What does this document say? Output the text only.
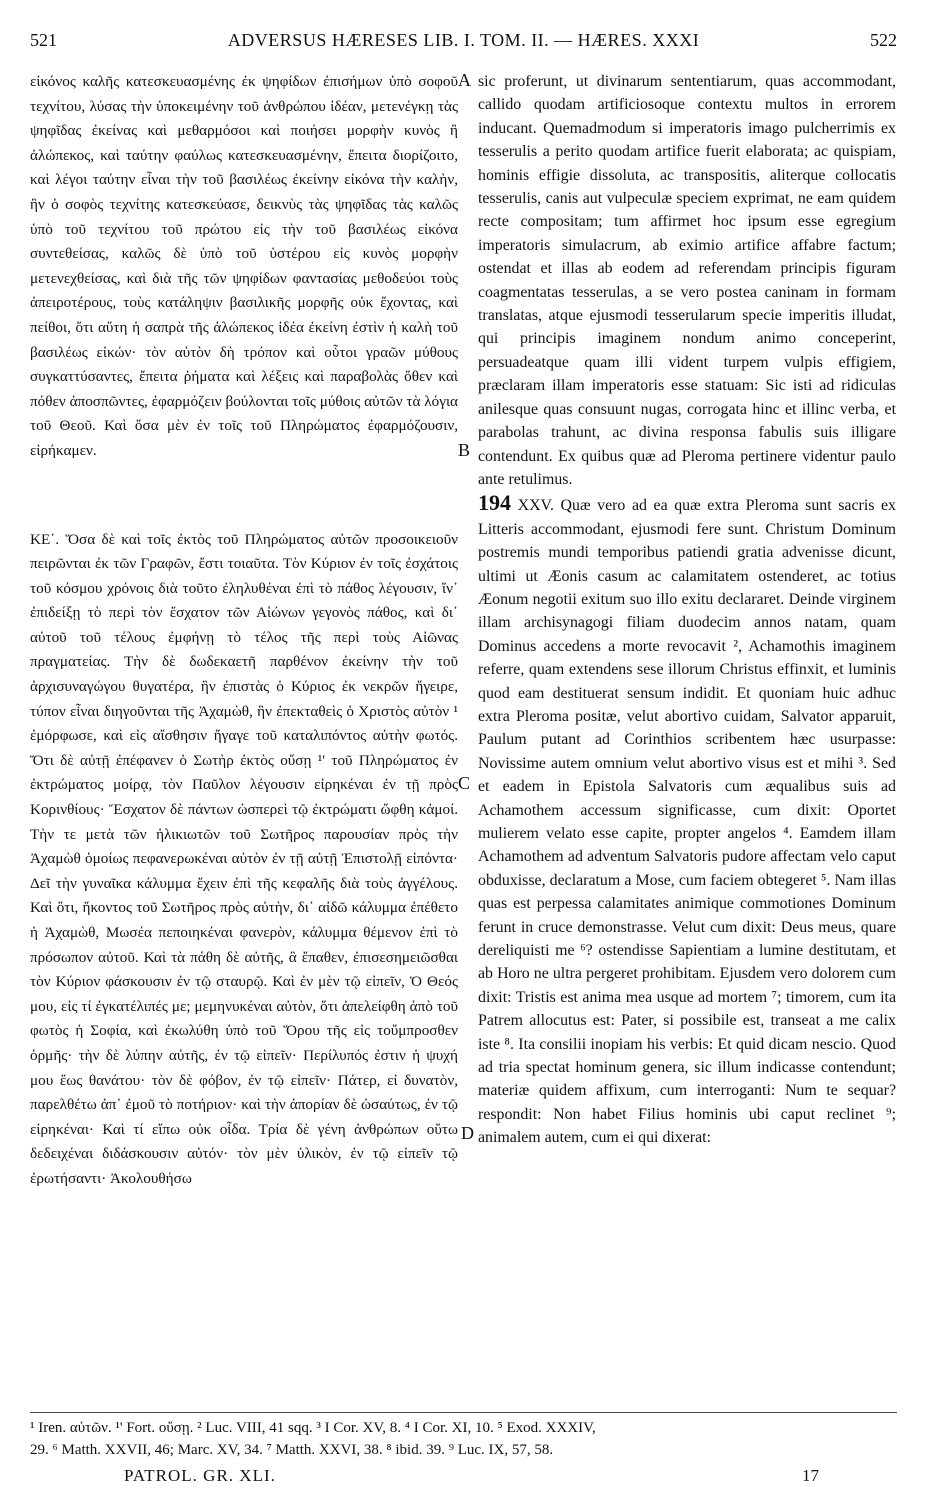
521	ADVERSUS HÆRESES LIB. I. TOM. II. — HÆRES. XXXI	522

εἰκόνος καλῆς κατεσκευασμένης ἐκ ψηφίδων ἐπισήμων ὑπὸ σοφοῦ τεχνίτου, λύσας τὴν ὑποκειμένην τοῦ ἀνθρώπου ἰδέαν, μετενέγκῃ τὰς ψηφῖδας ἐκείνας καὶ μεθαρμόσοι καὶ ποιήσει μορφὴν κυνὸς ἢ ἀλώπεκος, καὶ ταύτην φαύλως κατεσκευασμένην, ἔπειτα διορίζοιτο, καὶ λέγοι ταύτην εἶναι τὴν τοῦ βασιλέως ἐκείνην εἰκόνα τὴν καλὴν, ἣν ὁ σοφὸς τεχνίτης κατεσκεύασε, δεικνὺς τὰς ψηφῖδας τὰς καλῶς ὑπὸ τοῦ τεχνίτου τοῦ πρώτου εἰς τὴν τοῦ βασιλέως εἰκόνα συντεθείσας, καλῶς δὲ ὑπὸ τοῦ ὑστέρου εἰς κυνὸς μορφὴν μετενεχθείσας, καὶ διὰ τῆς τῶν ψηφίδων φαντασίας μεθοδεύοι τοὺς ἀπειροτέρους, τοὺς κατάληψιν βασιλικῆς μορφῆς οὐκ ἔχοντας, καὶ πείθοι, ὅτι αὕτη ἡ σαπρὰ τῆς ἀλώπεκος ἰδέα ἐκείνη ἐστὶν ἡ καλὴ τοῦ βασιλέως εἰκών· τὸν αὐτὸν δὴ τρόπον καὶ οὗτοι γραῶν μύθους συγκαττύσαντες, ἔπειτα ῥήματα καὶ λέξεις καὶ παραβολὰς ὅθεν καὶ πόθεν ἀποσπῶντες, ἐφαρμόζειν βούλονται τοῖς μύθοις αὐτῶν τὰ λόγια τοῦ Θεοῦ. Καὶ ὅσα μὲν ἐν τοῖς τοῦ Πληρώματος ἐφαρμόζουσιν, εἰρήκαμεν.

ΚΕ΄. Ὅσα δὲ καὶ τοῖς ἐκτὸς τοῦ Πληρώματος αὐτῶν προσοικειοῦν πειρῶνται ἐκ τῶν Γραφῶν, ἔστι τοιαῦτα. Τὸν Κύριον ἐν τοῖς ἐσχάτοις τοῦ κόσμου χρόνοις διὰ τοῦτο ἐληλυθέναι ἐπὶ τὸ πάθος λέγουσιν, ἵν᾽ ἐπιδείξῃ τὸ περὶ τὸν ἔσχατον τῶν Αἰώνων γεγονὸς πάθος, καὶ δι᾽ αὐτοῦ τοῦ τέλους ἐμφήνῃ τὸ τέλος τῆς περὶ τοὺς Αἰῶνας πραγματείας. Τὴν δὲ δωδεκαετῆ παρθένον ἐκείνην τὴν τοῦ ἀρχισυναγώγου θυγατέρα, ἣν ἐπιστὰς ὁ Κύριος ἐκ νεκρῶν ἤγειρε, τύπον εἶναι διηγοῦνται τῆς Ἀχαμὼθ, ἣν ἐπεκταθεὶς ὁ Χριστὸς αὐτὸν ¹ ἐμόρφωσε, καὶ εἰς αἴσθησιν ἤγαγε τοῦ καταλιπόντος αὐτὴν φωτός. Ὅτι δὲ αὐτῇ ἐπέφανεν ὁ Σωτὴρ ἐκτὸς οὔσῃ ¹' τοῦ Πληρώματος ἐν ἐκτρώματος μοίρᾳ, τὸν Παῦλον λέγουσιν εἰρηκέναι ἐν τῇ πρὸς Κορινθίους· Ἔσχατον δὲ πάντων ὡσπερεὶ τῷ ἐκτρώματι ὤφθη κἀμοί. Τὴν τε μετὰ τῶν ἡλικιωτῶν τοῦ Σωτῆρος παρουσίαν πρὸς τὴν Ἀχαμὼθ ὁμοίως πεφανερωκέναι αὐτὸν ἐν τῇ αὐτῇ Ἐπιστολῇ εἰπόντα· Δεῖ τὴν γυναῖκα κάλυμμα ἔχειν ἐπὶ τῆς κεφαλῆς διὰ τοὺς ἀγγέλους. Καὶ ὅτι, ἥκοντος τοῦ Σωτῆρος πρὸς αὐτὴν, δι᾽ αἰδῶ κάλυμμα ἐπέθετο ἡ Ἀχαμὼθ, Μωσέα πεποιηκέναι φανερὸν, κάλυμμα θέμενον ἐπὶ τὸ πρόσωπον αὐτοῦ. Καὶ τὰ πάθη δὲ αὐτῆς, ἃ ἔπαθεν, ἐπισεσημειῶσθαι τὸν Κύριον φάσκουσιν ἐν τῷ σταυρῷ. Καὶ ἐν μὲν τῷ εἰπεῖν, Ὁ Θεός μου, εἰς τί ἐγκατέλιπές με; μεμηνυκέναι αὐτὸν, ὅτι ἀπελείφθη ἀπὸ τοῦ φωτὸς ἡ Σοφία, καὶ ἐκωλύθη ὑπὸ τοῦ Ὅρου τῆς εἰς τοὔμπροσθεν ὁρμῆς· τὴν δὲ λύπην αὐτῆς, ἐν τῷ εἰπεῖν· Περίλυπός ἐστιν ἡ ψυχή μου ἕως θανάτου· τὸν δὲ φόβον, ἐν τῷ εἰπεῖν· Πάτερ, εἰ δυνατὸν, παρελθέτω ἀπ᾽ ἐμοῦ τὸ ποτήριον· καὶ τὴν ἀπορίαν δὲ ὡσαύτως, ἐν τῷ εἰρηκέναι· Καὶ τί εἴπω οὐκ οἶδα. Τρία δὲ γένη ἀνθρώπων οὕτω δεδειχέναι διδάσκουσιν αὐτόν· τὸν μὲν ὑλικὸν, ἐν τῷ εἰπεῖν τῷ ἐρωτήσαντι· Ἀκολουθήσω

sic proferunt, ut divinarum sententiarum, quas accommodant, callido quodam artificiosoque contextu multos in errorem inducant. Quemadmodum si imperatoris imago pulcherrimis ex tesserulis a perito quodam artifice fuerit elaborata; ac quispiam, hominis effigie dissoluta, ac transpositis, aliterque collocatis tesserulis, canis aut vulpeculæ speciem exprimat, ne eam quidem recte compositam; tum affirmet hoc ipsum esse egregium imperatoris simulacrum, ab eximio artifice affabre factum; ostendat et illas ab eodem ad referendam principis figuram coagmentatas tesserulas, a se vero postea caninam in formam translatas, atque ejusmodi tesserularum specie imperitis illudat, qui principis imaginem nondum animo conceperint, persuadeatque quam illi vident turpem vulpis effigiem, præclaram illam imperatoris esse statuam: Sic isti ad ridiculas anilesque quas consuunt nugas, corrogata hinc et illinc verba, et parabolas trahunt, ac divina responsa fabulis suis illigare contendunt. Ex quibus quæ ad Pleroma pertinere videntur paulo ante retulimus.

194 XXV. Quæ vero ad ea quæ extra Pleroma sunt sacris ex Litteris accommodant, ejusmodi fere sunt. Christum Dominum postremis mundi temporibus patiendi gratia advenisse dicunt, ultimi ut Æonis casum ac calamitatem ostenderet, ac totius Æonum negotii exitum suo illo exitu declararet. Deinde virginem illam archisynagogi filiam duodecim annos natam, quam Dominus accedens a morte revocavit ², Achamothis imaginem referre, quam extendens sese illorum Christus effinxit, et luminis quod eam destituerat sensum indidit. Et quoniam huic adhuc extra Pleroma positæ, velut abortivo cuidam, Salvator apparuit, Paulum putant ad Corinthios scribentem hæc usurpasse: Novissime autem omnium velut abortivo visus est et mihi ³. Sed et eadem in Epistola Salvatoris cum æqualibus suis ad Achamothem accessum significasse, cum dixit: Oportet mulierem velato esse capite, propter angelos ⁴. Eamdem illam Achamothem ad adventum Salvatoris pudore affectam velo caput obduxisse, declaratum a Mose, cum faciem obtegeret ⁵. Nam illas quas est perpessa calamitates animique commotiones Dominum ferunt in cruce demonstrasse. Velut cum dixit: Deus meus, quare dereliquisti me ⁶? ostendisse Sapientiam a lumine destitutam, et ab Horo ne ultra pergeret prohibitam. Ejusdem vero dolorem cum dixit: Tristis est anima mea usque ad mortem ⁷; timorem, cum ita Patrem allocutus est: Pater, si possibile est, transeat a me calix iste ⁸. Ita consilii inopiam his verbis: Et quid dicam nescio. Quod ad tria spectat hominum genera, sic illum indicasse contendunt; materiæ quidem affixum, cum interroganti: Num te sequar? respondit: Non habet Filius hominis ubi caput reclinet ⁹; animalem autem, cum ei qui dixerat:

A
B
C
D
¹ Iren. αὐτῶν. ¹' Fort. οὔσῃ. ² Luc. VIII, 41 sqq. ³ I Cor. XV, 8. ⁴ I Cor. XI, 10. ⁵ Exod. XXXIV,
29. ⁶ Matth. XXVII, 46; Marc. XV, 34. ⁷ Matth. XXVI, 38. ⁸ ibid. 39. ⁹ Luc. IX, 57, 58.
PATROL. GR. XLI.	17
